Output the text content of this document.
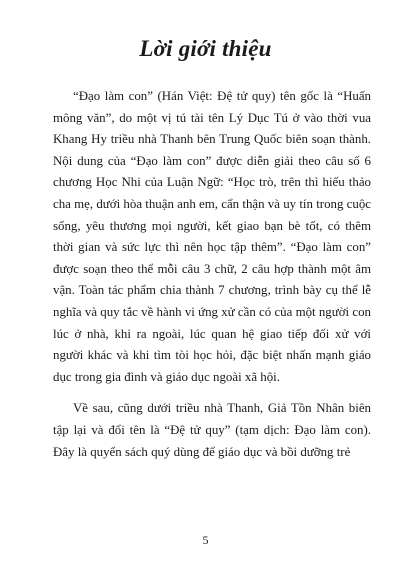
Lời giới thiệu

“Đạo làm con” (Hán Việt: Đệ tử quy) tên gốc là “Huấn mông văn”, do một vị tú tài tên Lý Dục Tú ở vào thời vua Khang Hy triều nhà Thanh bên Trung Quốc biên soạn thành. Nội dung của “Đạo làm con” được diễn giải theo câu số 6 chương Học Nhi của Luận Ngữ: “Học trò, trên thì hiếu thảo cha mẹ, dưới hòa thuận anh em, cẩn thận và uy tín trong cuộc sống, yêu thương mọi người, kết giao bạn bè tốt, có thêm thời gian và sức lực thì nên học tập thêm”. “Đạo làm con” được soạn theo thể mỗi câu 3 chữ, 2 câu hợp thành một âm vận. Toàn tác phẩm chia thành 7 chương, trình bày cụ thể lễ nghĩa và quy tắc về hành vi ứng xử cần có của một người con lúc ở nhà, khi ra ngoài, lúc quan hệ giao tiếp đối xử với người khác và khi tìm tòi học hỏi, đặc biệt nhấn mạnh giáo dục trong gia đình và giáo dục ngoài xã hội.

Về sau, cũng dưới triều nhà Thanh, Giả Tồn Nhân biên tập lại và đổi tên là “Đệ tử quy” (tạm dịch: Đạo làm con). Đây là quyển sách quý dùng để giáo dục và bồi dưỡng trẻ

5
